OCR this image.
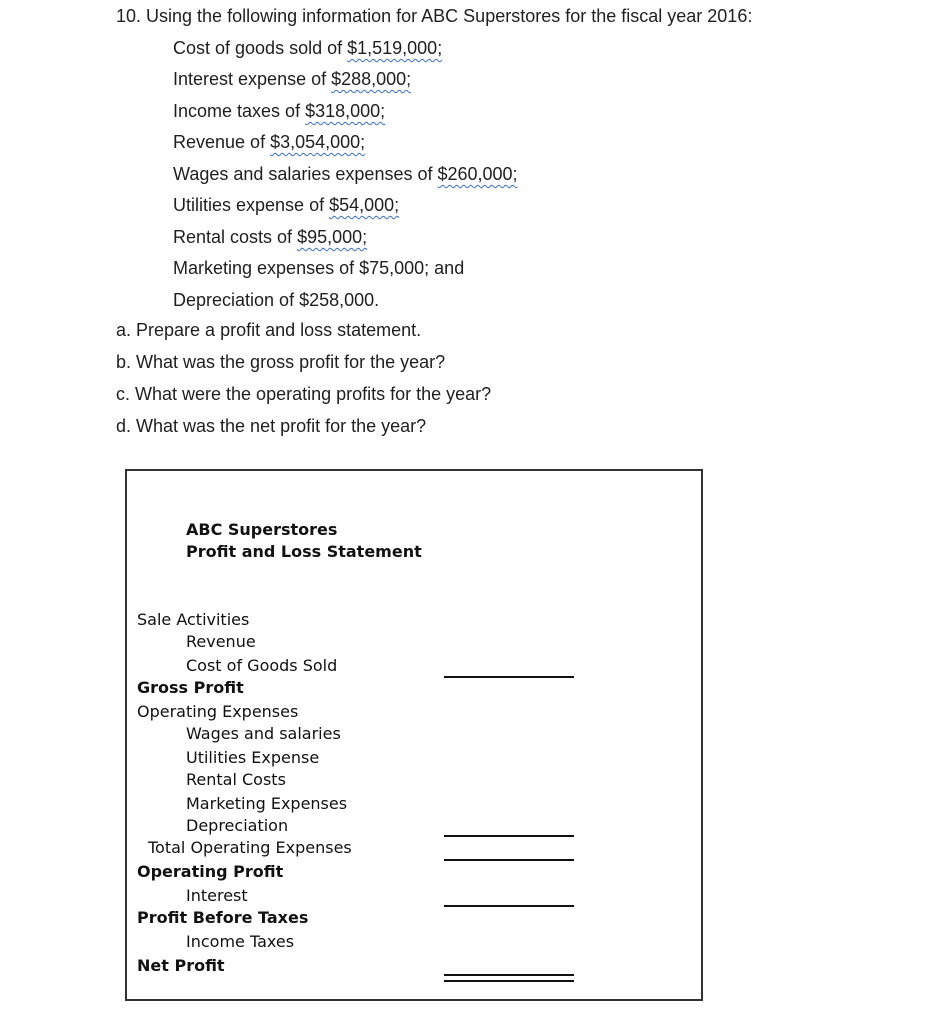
10. Using the following information for ABC Superstores for the fiscal year 2016:
Cost of goods sold of $1,519,000;
Interest expense of $288,000;
Income taxes of $318,000;
Revenue of $3,054,000;
Wages and salaries expenses of $260,000;
Utilities expense of $54,000;
Rental costs of $95,000;
Marketing expenses of $75,000; and
Depreciation of $258,000.
a. Prepare a profit and loss statement.
b. What was the gross profit for the year?
c. What were the operating profits for the year?
d. What was the net profit for the year?
ABC Superstores
Profit and Loss Statement
Sale Activities
Revenue
Cost of Goods Sold
Gross Profit
Operating Expenses
Wages and salaries
Utilities Expense
Rental Costs
Marketing Expenses
Depreciation
Total Operating Expenses
Operating Profit
Interest
Profit Before Taxes
Income Taxes
Net Profit
